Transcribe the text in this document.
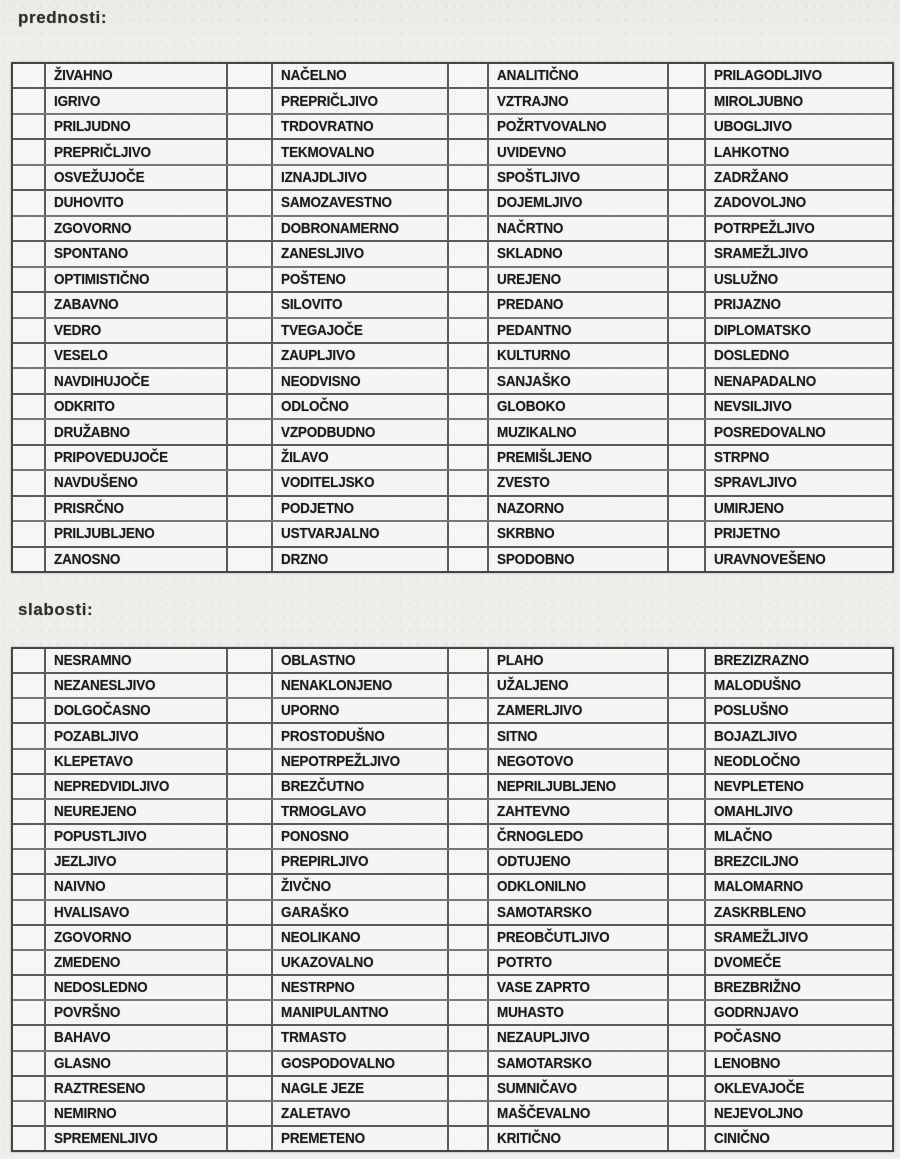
prednosti:
ŽIVAHNO	NAČELNO	ANALITIČNO	PRILAGODLJIVO
IGRIVO	PREPRIČLJIVO	VZTRAJNO	MIROLJUBNO
PRILJUDNO	TRDOVRATNO	POŽRTVOVALNO	UBOGLJIVO
PREPRIČLJIVO	TEKMOVALNO	UVIDEVNO	LAHKOTNO
OSVEŽUJOČE	IZNAJDLJIVO	SPOŠTLJIVO	ZADRŽANO
DUHOVITO	SAMOZAVESTNO	DOJEMLJIVO	ZADOVOLJNO
ZGOVORNO	DOBRONAMERNO	NAČRTNO	POTRPEŽLJIVO
SPONTANO	ZANESLJIVO	SKLADNO	SRAMEŽLJIVO
OPTIMISTIČNO	POŠTENO	UREJENO	USLUŽNO
ZABAVNO	SILOVITO	PREDANO	PRIJAZNO
VEDRO	TVEGAJOČE	PEDANTNO	DIPLOMATSKO
VESELO	ZAUPLJIVO	KULTURNO	DOSLEDNO
NAVDIHUJOČE	NEODVISNO	SANJAŠKO	NENAPADALNO
ODKRITO	ODLOČNO	GLOBOKO	NEVSILJIVO
DRUŽABNO	VZPODBUDNO	MUZIKALNO	POSREDOVALNO
PRIPOVEDUJOČE	ŽILAVO	PREMIŠLJENO	STRPNO
NAVDUŠENO	VODITELJSKO	ZVESTO	SPRAVLJIVO
PRISRČNO	PODJETNO	NAZORNO	UMIRJENO
PRILJUBLJENO	USTVARJALNO	SKRBNO	PRIJETNO
ZANOSNO	DRZNO	SPODOBNO	URAVNOVEŠENO
slabosti:
NESRAMNO	OBLASTNO	PLAHO	BREZIZRAZNO
NEZANESLJIVO	NENAKLONJENO	UŽALJENO	MALODUŠNO
DOLGOČASNO	UPORNO	ZAMERLJIVO	POSLUŠNO
POZABLJIVO	PROSTODUŠNO	SITNO	BOJAZLJIVO
KLEPETAVO	NEPOTRPEŽLJIVO	NEGOTOVO	NEODLOČNO
NEPREDVIDLJIVO	BREZČUTNO	NEPRILJUBLJENO	NEVPLETENO
NEUREJENO	TRMOGLAVO	ZAHTEVNO	OMAHLJIVO
POPUSTLJIVO	PONOSNO	ČRNOGLEDO	MLAČNO
JEZLJIVO	PREPIRLJIVO	ODTUJENO	BREZCILJNO
NAIVNO	ŽIVČNO	ODKLONILNO	MALOMARNO
HVALISAVO	GARAŠKO	SAMOTARSKO	ZASKRBLENO
ZGOVORNO	NEOLIKANO	PREOBČUTLJIVO	SRAMEŽLJIVO
ZMEDENO	UKAZOVALNO	POTRTO	DVOMEČE
NEDOSLEDNO	NESTRPNO	VASE ZAPRTO	BREZBRIŽNO
POVRŠNO	MANIPULANTNO	MUHASTO	GODRNJAVO
BAHAVO	TRMASTO	NEZAUPLJIVO	POČASNO
GLASNO	GOSPODOVALNO	SAMOTARSKO	LENOBNO
RAZTRESENO	NAGLE JEZE	SUMNIČAVO	OKLEVAJOČE
NEMIRNO	ZALETAVO	MAŠČEVALNO	NEJEVOLJNO
SPREMENLJIVO	PREMETENO	KRITIČNO	CINIČNO
